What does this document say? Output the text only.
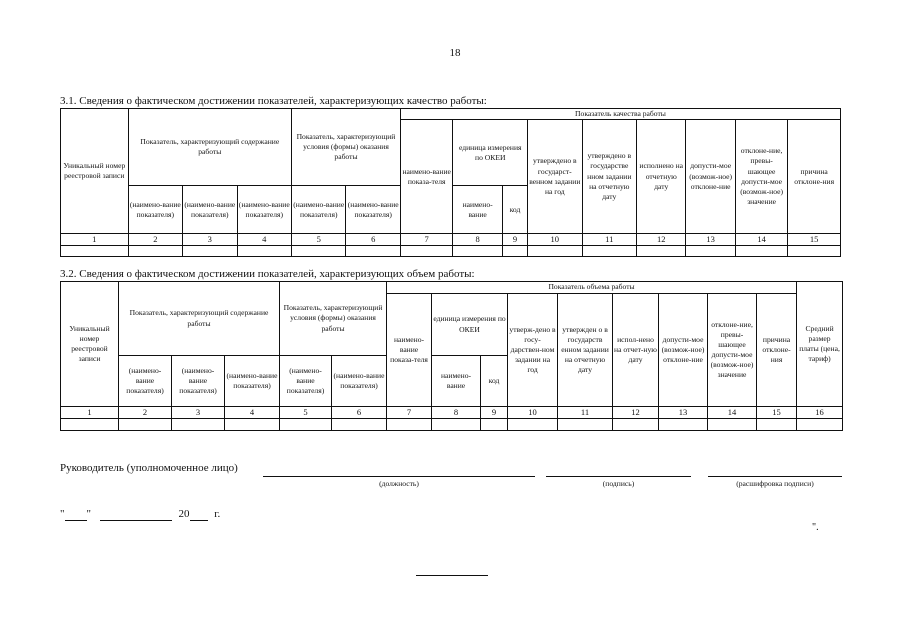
18
3.1. Сведения о фактическом достижении показателей, характеризующих качество работы:
Уникальный номер реестровой записи	Показатель, характеризующий содержание работы			Показатель, характеризующий условия (формы) оказания работы		Показатель качества работы								
						наимено-вание показа-теля	единица измерения по ОКЕИ		утверждено в государст-венном задании на год	утверждено в государстве нном задании на отчетную дату	исполнено на отчетную дату	допусти-мое (возмож-ное) отклоне-ние	отклоне-ние, превы-шающее допусти-мое (возмож-ное) значение	причина отклоне-ния
	(наимено-вание показателя)	(наимено-вание показателя)	(наимено-вание показателя)	(наимено-вание показателя)	(наимено-вание показателя)		наимено-вание	код						
1	2	3	4	5	6	7	8	9	10	11	12	13	14	15

3.2. Сведения о фактическом достижении показателей, характеризующих объем работы:
Уникальный номер реестровой записи	Показатель, характеризующий содержание работы			Показатель, характеризующий условия (формы) оказания работы		Показатель объема работы									Средний размер платы (цена, тариф)
						наимено-вание показа-теля	единица измерения по ОКЕИ		утверж-дено в госу-дарствен-ном задании на год	утвержден о в государств енном задании на отчетную дату	испол-нено на отчет-ную дату	допусти-мое (возмож-ное) отклоне-ние	отклоне-ние, превы-шающее допусти-мое (возмож-ное) значение	причина отклоне-ния	
	(наимено-вание показателя)	(наимено-вание показателя)	(наимено-вание показателя)	(наимено-вание показателя)	(наимено-вание показателя)		наимено-вание	код							
1	2	3	4	5	6	7	8	9	10	11	12	13	14	15	16

Руководитель (уполномоченное лицо)
(должность)	(подпись)	(расшифровка подписи)
" "	20 г.
".
